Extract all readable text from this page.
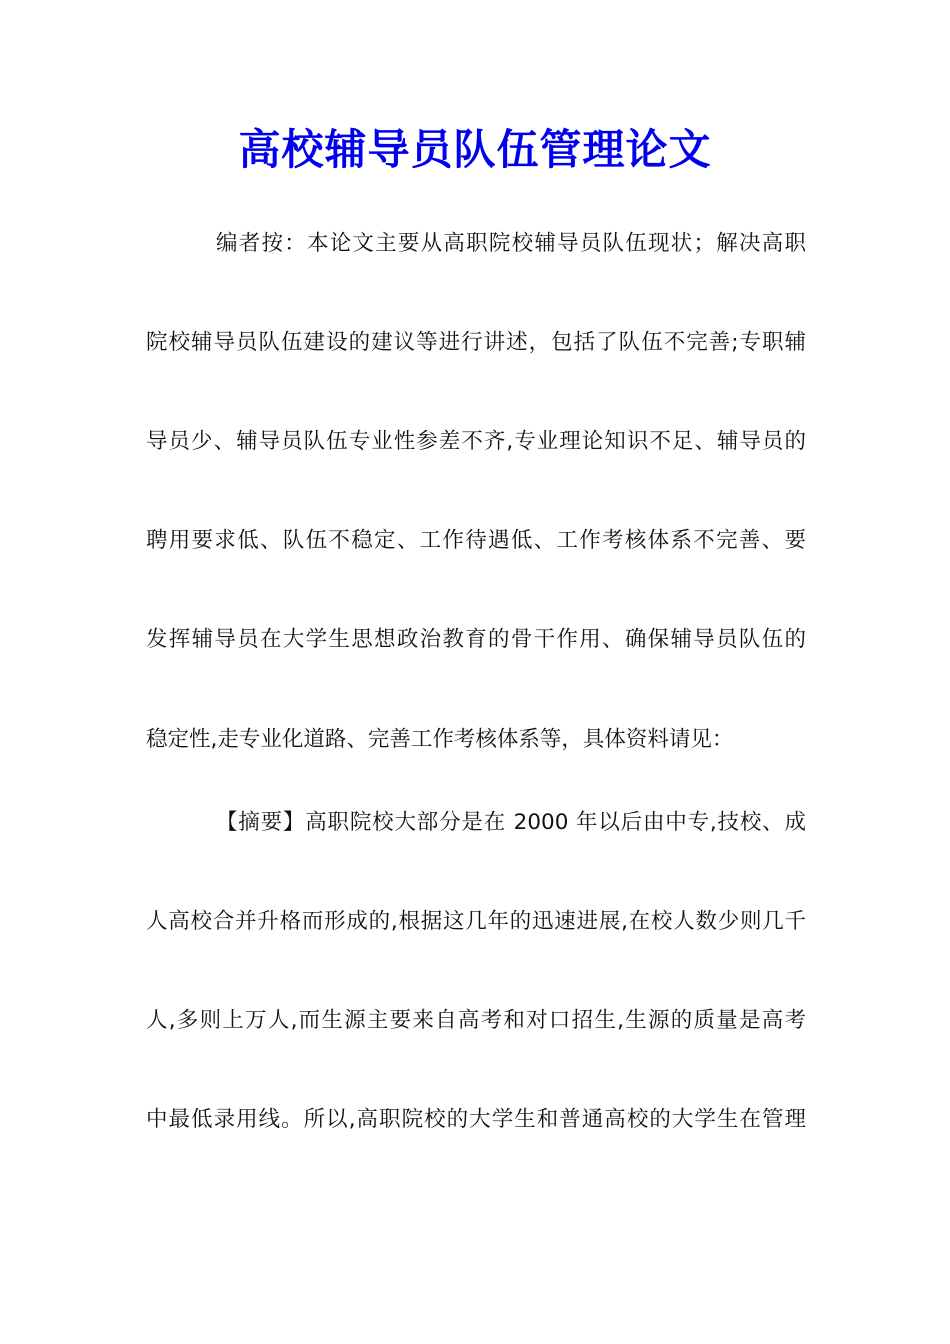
高校辅导员队伍管理论文
编者按：本论文主要从高职院校辅导员队伍现状；解决高职
院校辅导员队伍建设的建议等进行讲述，包括了队伍不完善;专职辅
导员少、辅导员队伍专业性参差不齐,专业理论知识不足、辅导员的
聘用要求低、队伍不稳定、工作待遇低、工作考核体系不完善、要
发挥辅导员在大学生思想政治教育的骨干作用、确保辅导员队伍的
稳定性,走专业化道路、完善工作考核体系等，具体资料请见：
【摘要】高职院校大部分是在 2000 年以后由中专,技校、成
人高校合并升格而形成的,根据这几年的迅速进展,在校人数少则几千
人,多则上万人,而生源主要来自高考和对口招生,生源的质量是高考
中最低录用线。所以,高职院校的大学生和普通高校的大学生在管理
